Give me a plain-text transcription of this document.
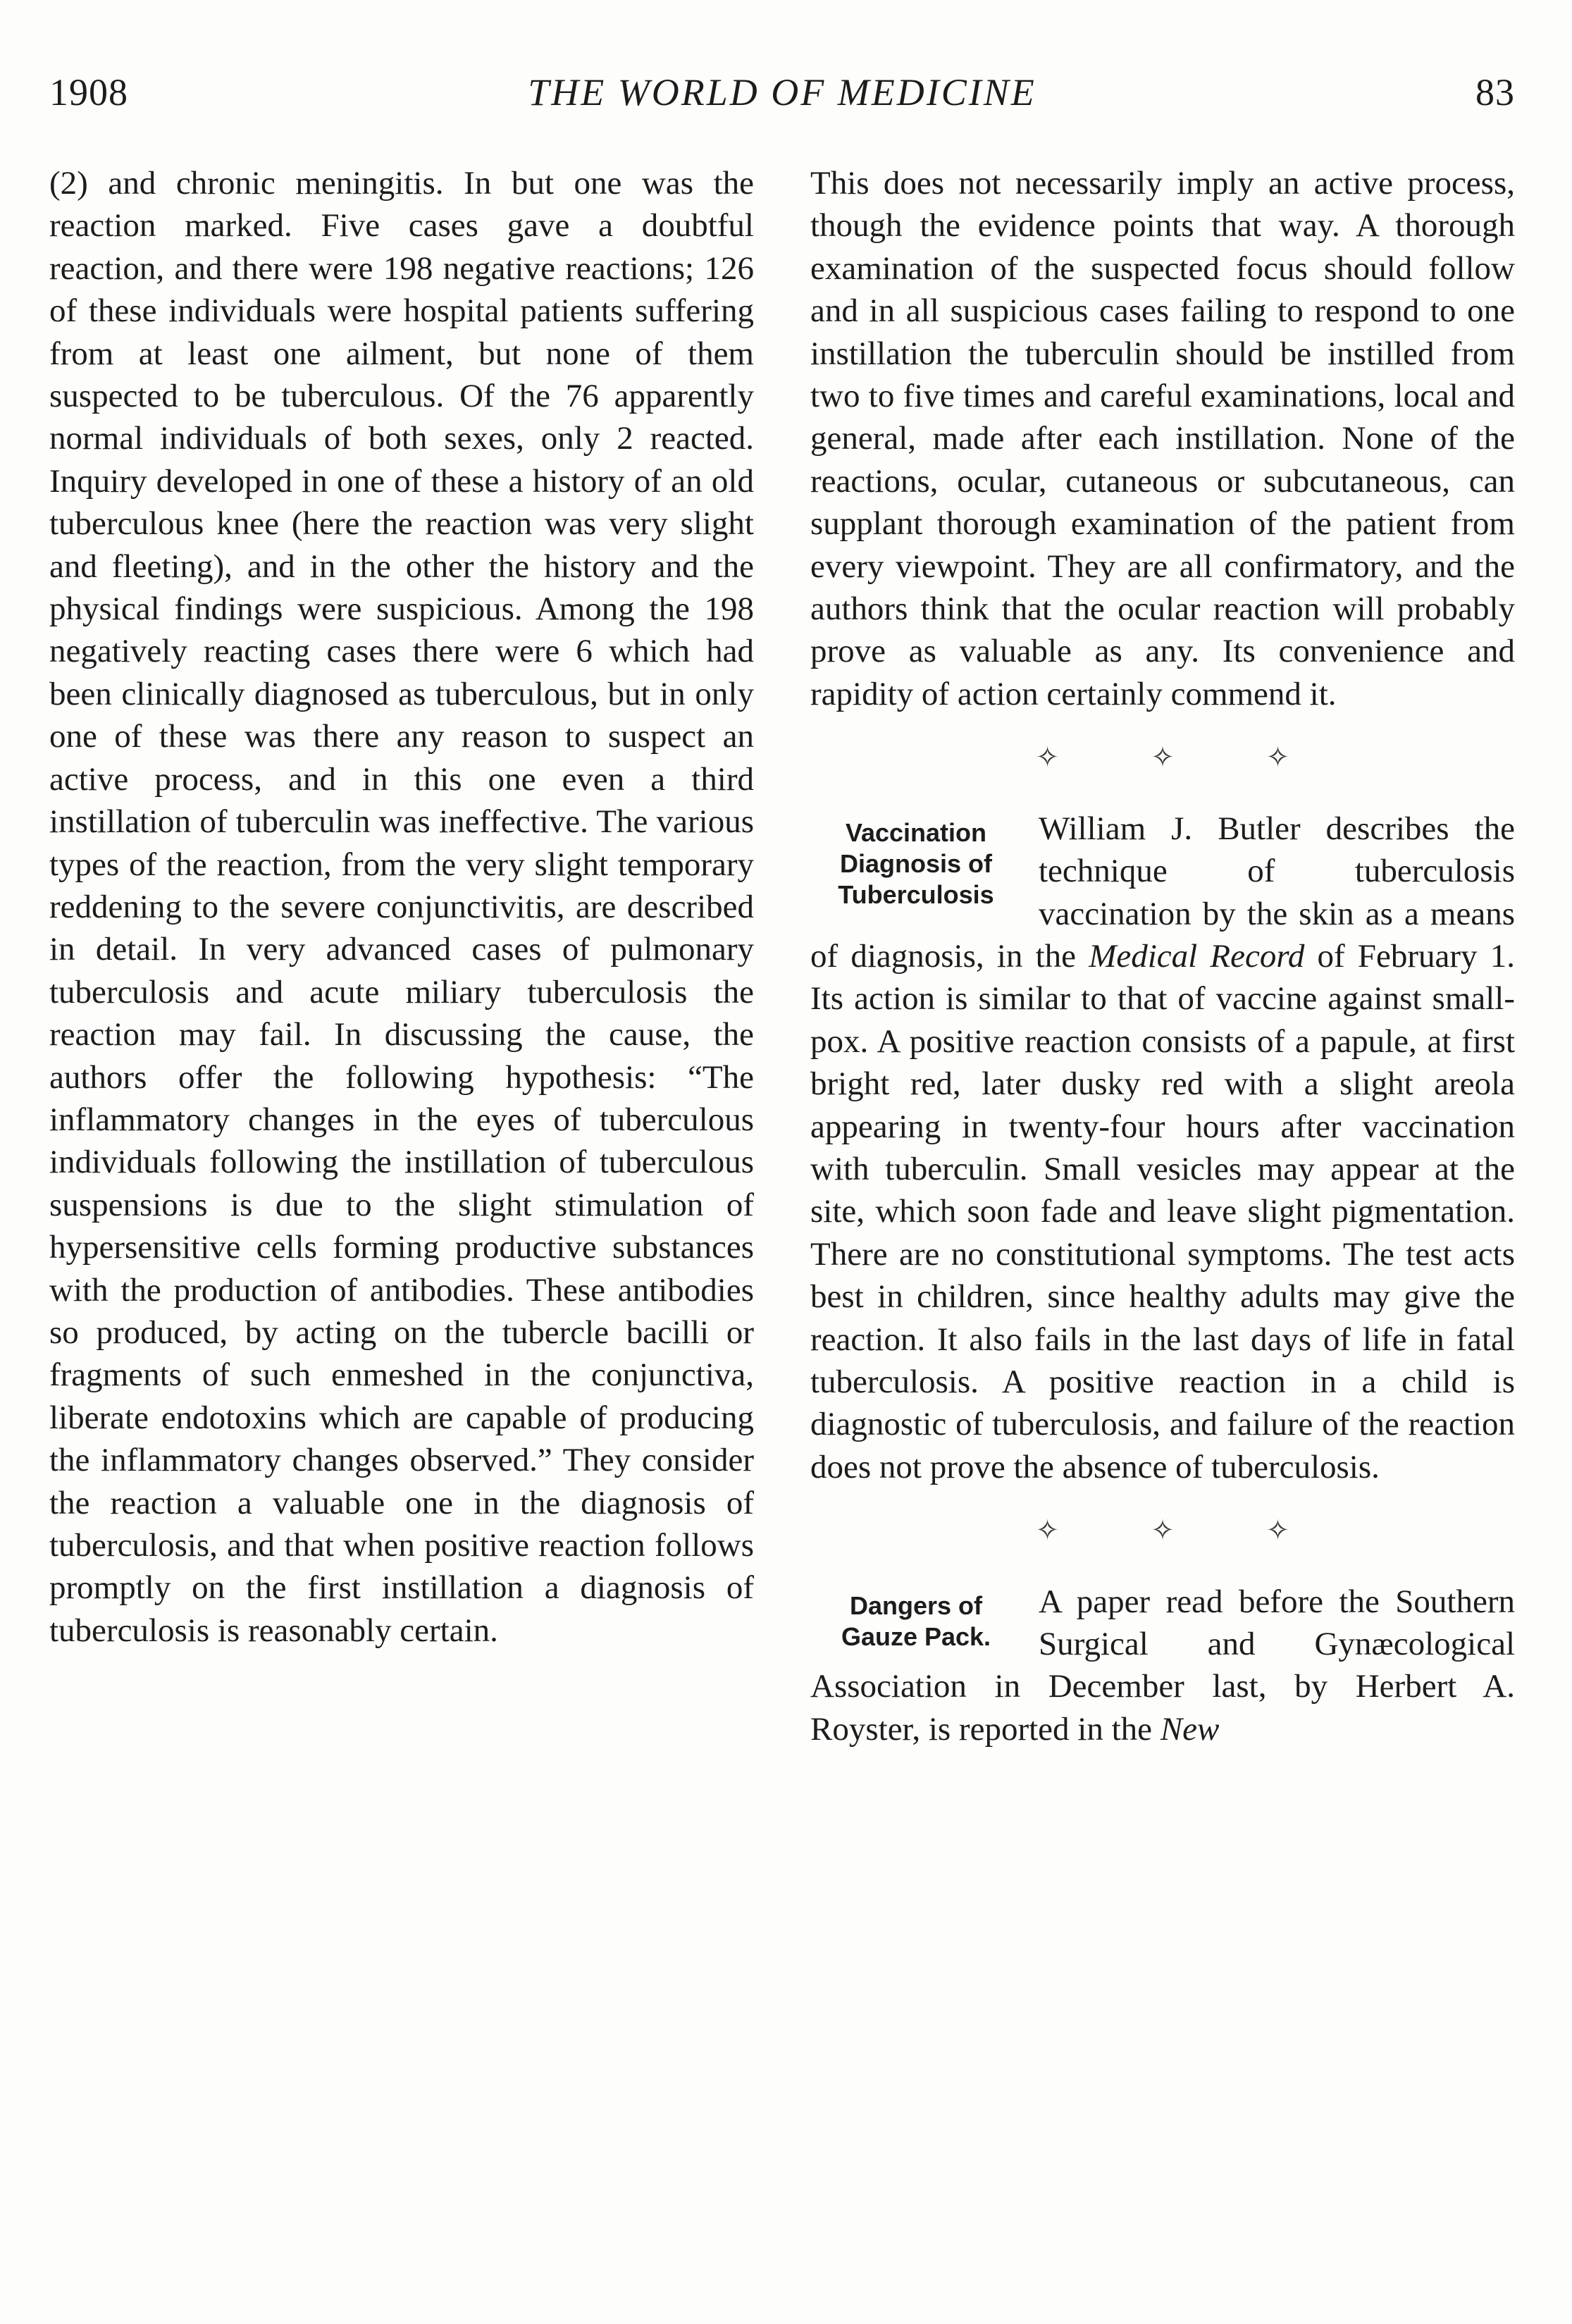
1908	THE WORLD OF MEDICINE	83

(2) and chronic meningitis. In but one was the reaction marked. Five cases gave a doubtful reaction, and there were 198 negative reactions; 126 of these individuals were hospital patients suffering from at least one ailment, but none of them suspected to be tuberculous. Of the 76 apparently normal individuals of both sexes, only 2 reacted. Inquiry developed in one of these a history of an old tuberculous knee (here the reaction was very slight and fleeting), and in the other the history and the physical findings were suspicious. Among the 198 negatively reacting cases there were 6 which had been clinically diagnosed as tuberculous, but in only one of these was there any reason to suspect an active process, and in this one even a third instillation of tuberculin was ineffective. The various types of the reaction, from the very slight temporary reddening to the severe conjunctivitis, are described in detail. In very advanced cases of pulmonary tuberculosis and acute miliary tuberculosis the reaction may fail. In discussing the cause, the authors offer the following hypothesis: “The inflammatory changes in the eyes of tuberculous individuals following the instillation of tuberculous suspensions is due to the slight stimulation of hypersensitive cells forming productive substances with the production of antibodies. These antibodies so produced, by acting on the tubercle bacilli or fragments of such enmeshed in the conjunctiva, liberate endotoxins which are capable of producing the inflammatory changes observed.” They consider the reaction a valuable one in the diagnosis of tuberculosis, and that when positive reaction follows promptly on the first instillation a diagnosis of tuberculosis is reasonably certain.

This does not necessarily imply an active process, though the evidence points that way. A thorough examination of the suspected focus should follow and in all suspicious cases failing to respond to one instillation the tuberculin should be instilled from two to five times and careful examinations, local and general, made after each instillation. None of the reactions, ocular, cutaneous or subcutaneous, can supplant thorough examination of the patient from every viewpoint. They are all confirmatory, and the authors think that the ocular reaction will probably prove as valuable as any. Its convenience and rapidity of action certainly commend it.

✧ ✧ ✧
Vaccination
Diagnosis of
Tuberculosis

William J. Butler describes the technique of tuberculosis vaccination by the skin as a means of diagnosis, in the Medical Record of February 1. Its action is similar to that of vaccine against small-pox. A positive reaction consists of a papule, at first bright red, later dusky red with a slight areola appearing in twenty-four hours after vaccination with tuberculin. Small vesicles may appear at the site, which soon fade and leave slight pigmentation. There are no constitutional symptoms. The test acts best in children, since healthy adults may give the reaction. It also fails in the last days of life in fatal tuberculosis. A positive reaction in a child is diagnostic of tuberculosis, and failure of the reaction does not prove the absence of tuberculosis.

✧ ✧ ✧
Dangers of
Gauze Pack.

A paper read before the Southern Surgical and Gynæcological Association in December last, by Herbert A. Royster, is reported in the New
